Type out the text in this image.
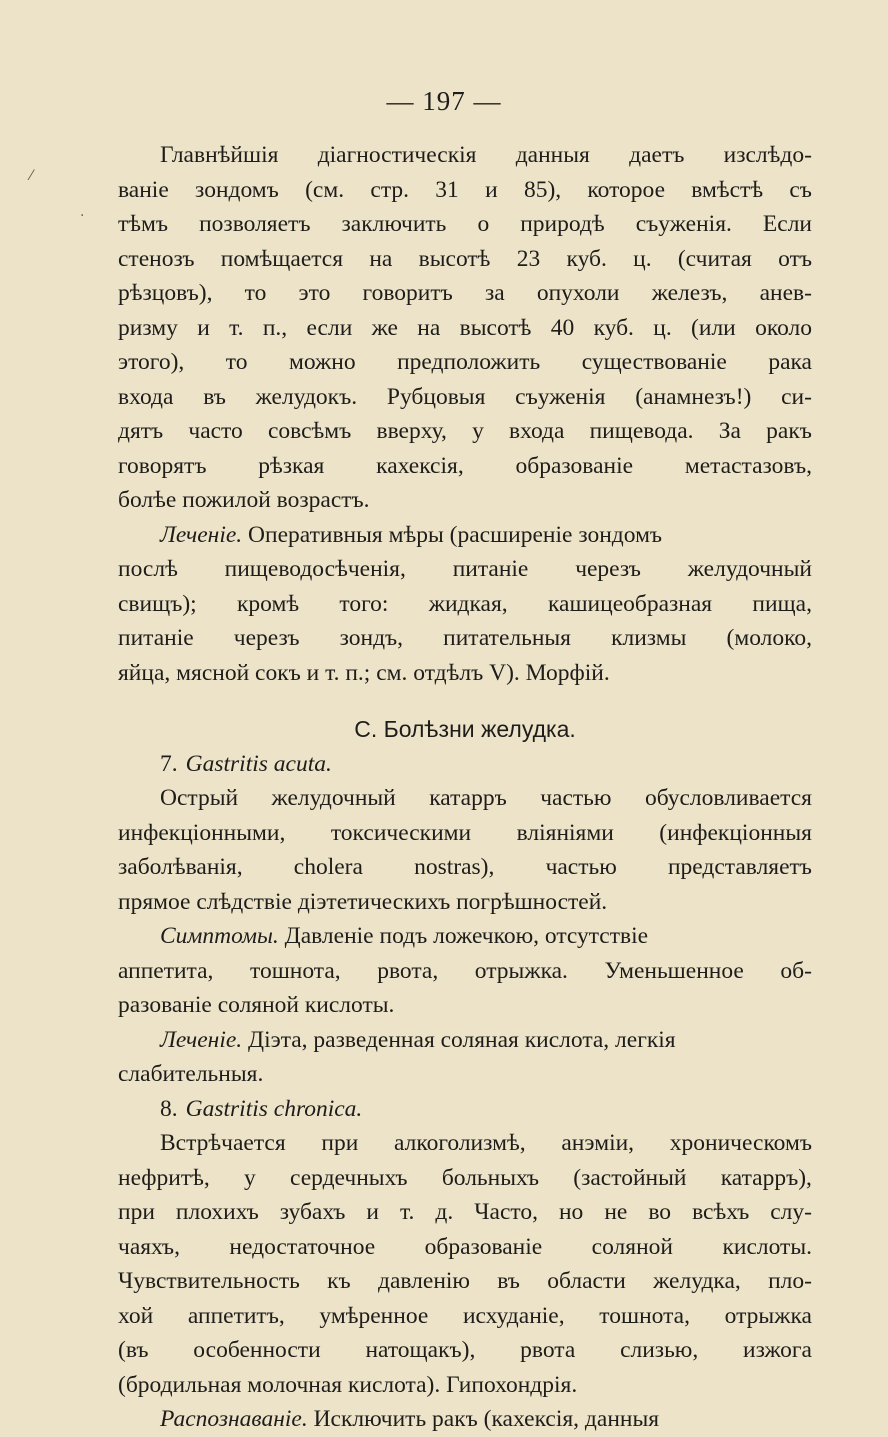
⁄
·
— 197 —
Главнѣйшія діагностическія данныя даетъ изслѣдо-
ваніе зондомъ (см. стр. 31 и 85), которое вмѣстѣ съ
тѣмъ позволяетъ заключить о природѣ съуженія. Если
стенозъ помѣщается на высотѣ 23 куб. ц. (считая отъ
рѣзцовъ), то это говоритъ за опухоли железъ, анев-
ризму и т. п., если же на высотѣ 40 куб. ц. (или около
этого), то можно предположить существованіе рака
входа въ желудокъ. Рубцовыя съуженія (анамнезъ!) си-
дятъ часто совсѣмъ вверху, у входа пищевода. За ракъ
говорятъ рѣзкая кахексія, образованіе метастазовъ,
болѣе пожилой возрастъ.
Леченіе. Оперативныя мѣры (расширеніе зондомъ
послѣ пищеводосѣченія, питаніе черезъ желудочный
свищъ); кромѣ того: жидкая, кашицеобразная пища,
питаніе черезъ зондъ, питательныя клизмы (молоко,
яйца, мясной сокъ и т. п.; см. отдѣлъ V). Морфій.
C. Болѣзни желудка.
7. Gastritis acuta.
Острый желудочный катарръ частью обусловливается
инфекціонными, токсическими вліяніями (инфекціонныя
заболѣванія, cholera nostras), частью представляетъ
прямое слѣдствіе діэтетическихъ погрѣшностей.
Симптомы. Давленіе подъ ложечкою, отсутствіе
аппетита, тошнота, рвота, отрыжка. Уменьшенное об-
разованіе соляной кислоты.
Леченіе. Діэта, разведенная соляная кислота, легкія
слабительныя.
8. Gastritis chronica.
Встрѣчается при алкоголизмѣ, анэміи, хроническомъ
нефритѣ, у сердечныхъ больныхъ (застойный катарръ),
при плохихъ зубахъ и т. д. Часто, но не во всѣхъ слу-
чаяхъ, недостаточное образованіе соляной кислоты.
Чувствительность къ давленію въ области желудка, пло-
хой аппетитъ, умѣренное исхуданіе, тошнота, отрыжка
(въ особенности натощакъ), рвота слизью, изжога
(бродильная молочная кислота). Гипохондрія.
Распознаваніе. Исключить ракъ (кахексія, данныя
